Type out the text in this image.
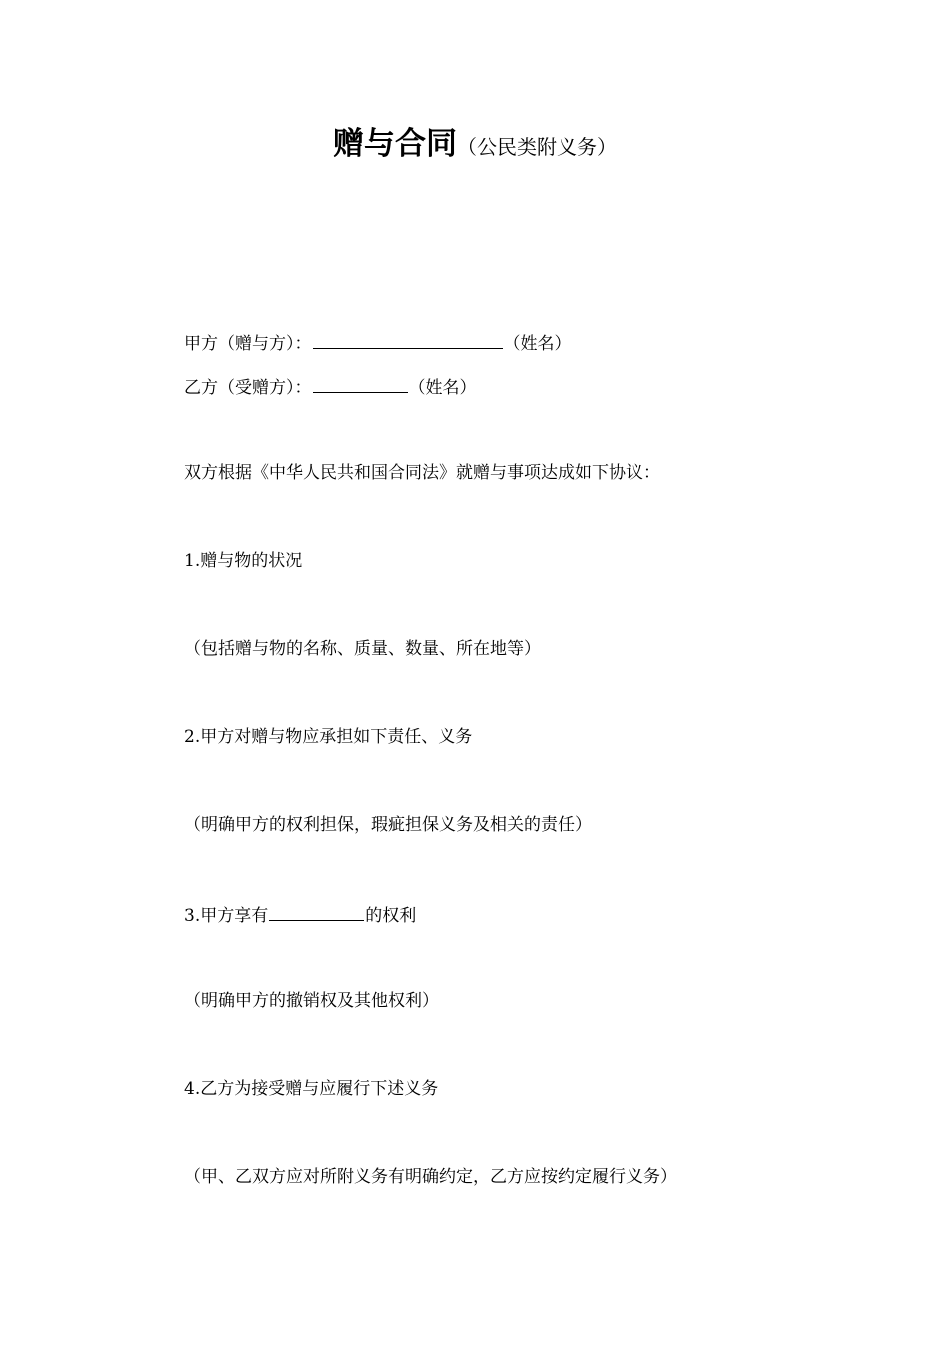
赠与合同（公民类附义务）
甲方（赠与方）：	（姓名）
乙方（受赠方）：	（姓名）
双方根据《中华人民共和国合同法》就赠与事项达成如下协议：
1.赠与物的状况
（包括赠与物的名称、质量、数量、所在地等）
2.甲方对赠与物应承担如下责任、义务
（明确甲方的权利担保，瑕疵担保义务及相关的责任）
3.甲方享有	的权利
（明确甲方的撤销权及其他权利）
4.乙方为接受赠与应履行下述义务
（甲、乙双方应对所附义务有明确约定，乙方应按约定履行义务）
